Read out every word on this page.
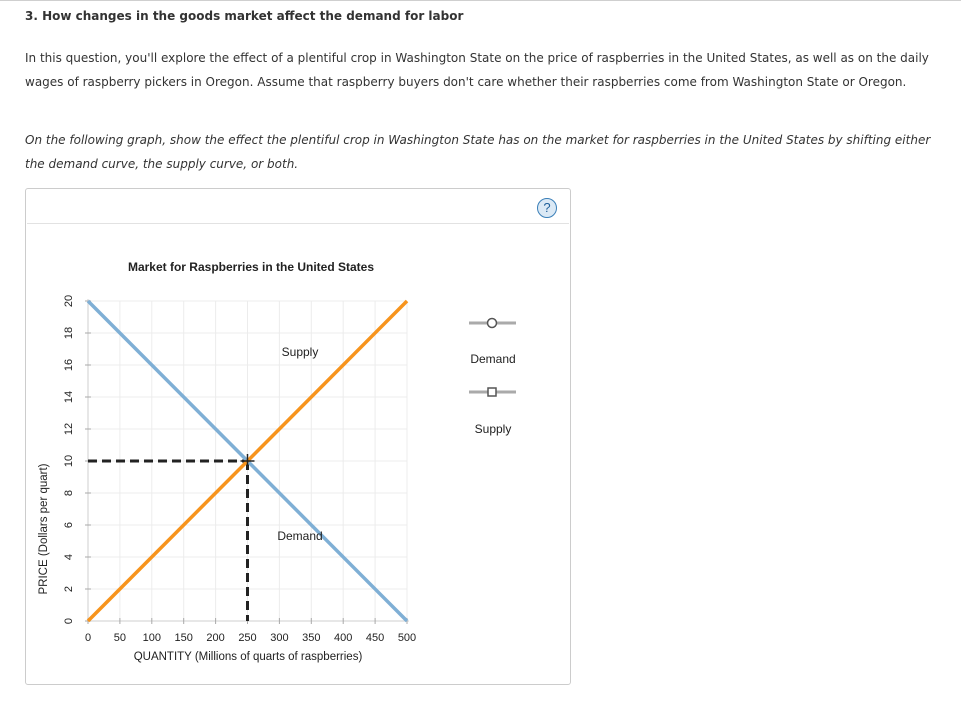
3. How changes in the goods market affect the demand for labor
In this question, you'll explore the effect of a plentiful crop in Washington State on the price of raspberries in the United States, as well as on the daily wages of raspberry pickers in Oregon. Assume that raspberry buyers don't care whether their raspberries come from Washington State or Oregon.
On the following graph, show the effect the plentiful crop in Washington State has on the market for raspberries in the United States by shifting either the demand curve, the supply curve, or both.
?
Demand
Supply
0 50 100 150 200 250 300 350 400 450 500
0
2
4
6
8
10
12
14
16
18
20
Market for Raspberries in the United States
QUANTITY (Millions of quarts of raspberries)
PRICE (Dollars per quart)
Demand
Supply
